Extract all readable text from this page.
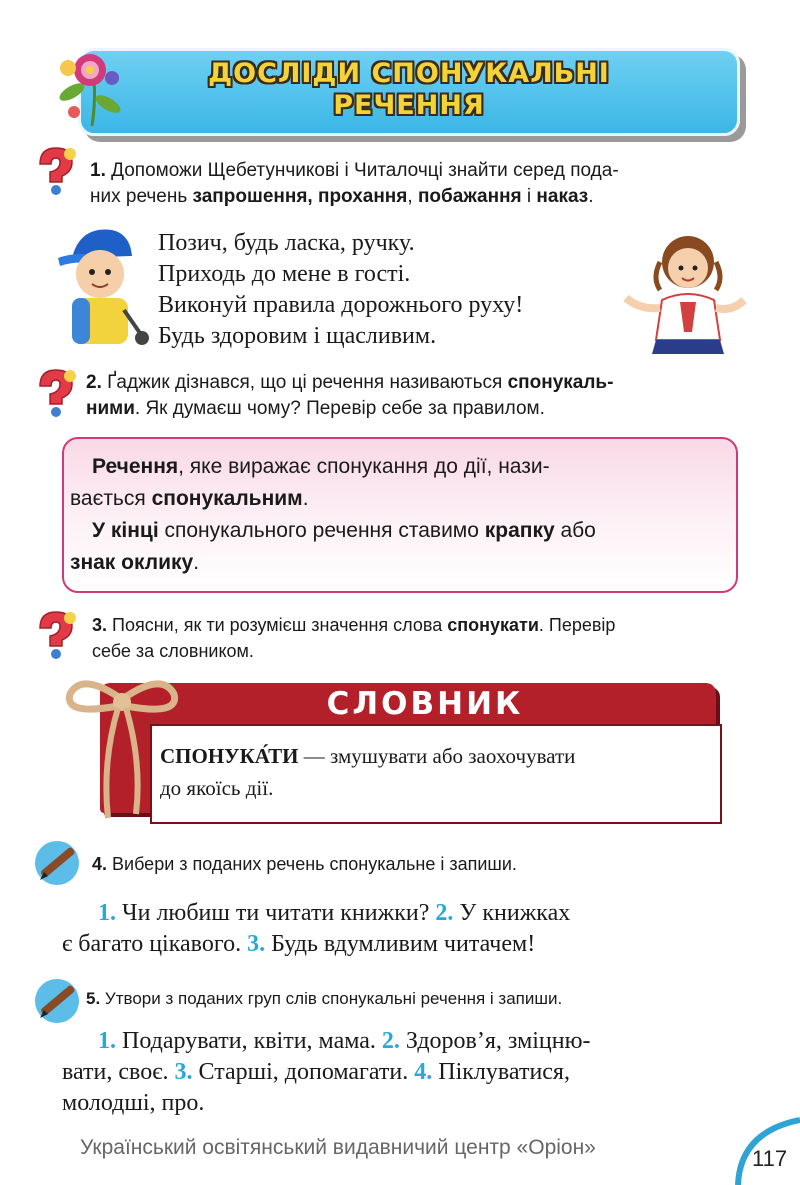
ДОСЛІДИ СПОНУКАЛЬНІ
РЕЧЕННЯ
1. Допоможи Щебетунчикові і Читалочці знайти серед пода-
них речень запрошення, прохання, побажання і наказ.
Позич, будь ласка, ручку.
Приходь до мене в гості.
Виконуй правила дорожнього руху!
Будь здоровим і щасливим.
2. Ґаджик дізнався, що ці речення називаються спонукаль-
ними. Як думаєш чому? Перевір себе за правилом.
Речення, яке виражає спонукання до дії, нази-
вається спонукальним.
У кінці спонукального речення ставимо крапку або
знак оклику.
3. Поясни, як ти розумієш значення слова спонукати. Перевір
себе за словником.
СЛОВНИК
СПОНУКА́ТИ — змушувати або заохочувати
до якоїсь дії.
4. Вибери з поданих речень спонукальне і запиши.
1. Чи любиш ти читати книжки? 2. У книжках
є багато цікавого. 3. Будь вдумливим читачем!
5. Утвори з поданих груп слів спонукальні речення і запиши.
1. Подарувати, квіти, мама. 2. Здоров’я, зміцню-
вати, своє. 3. Старші, допомагати. 4. Піклуватися,
молодші, про.
Український освітянський видавничий центр «Оріон»	117
